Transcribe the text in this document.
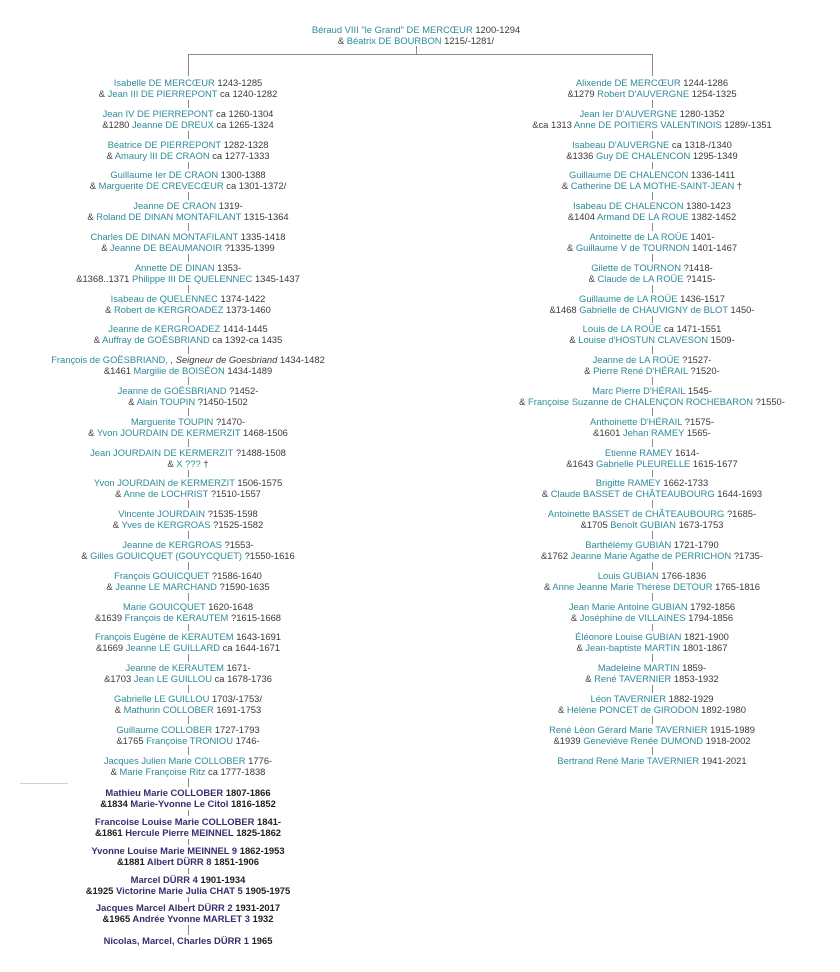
Béraud VIII "le Grand" DE MERCŒUR 1200-1294
& Béatrix DE BOURBON 1215/-1281/
Isabelle DE MERCŒUR 1243-1285
& Jean III DE PIERREPONT ca 1240-1282
Jean IV DE PIERREPONT ca 1260-1304
&1280 Jeanne DE DREUX ca 1265-1324
Béatrice DE PIERREPONT 1282-1328
& Amaury III DE CRAON ca 1277-1333
Guillaume Ier DE CRAON 1300-1388
& Marguerite DE CREVECŒUR ca 1301-1372/
Jeanne DE CRAON 1319-
& Roland DE DINAN MONTAFILANT 1315-1364
Charles DE DINAN MONTAFILANT 1335-1418
& Jeanne DE BEAUMANOIR ?1335-1399
Annette DE DINAN 1353-
&1368..1371 Philippe III DE QUELENNEC 1345-1437
Isabeau de QUELENNEC 1374-1422
& Robert de KERGROADEZ 1373-1460
Jeanne de KERGROADEZ 1414-1445
& Auffray de GOËSBRIAND ca 1392-ca 1435
François de GOËSBRIAND, , Seigneur de Goesbriand 1434-1482
&1461 Margilie de BOISÉON 1434-1489
Jeanne de GOËSBRIAND ?1452-
& Alain TOUPIN ?1450-1502
Marguerite TOUPIN ?1470-
& Yvon JOURDAIN DE KERMERZIT 1468-1506
Jean JOURDAIN DE KERMERZIT ?1488-1508
& X ??? †
Yvon JOURDAIN de KERMERZIT 1506-1575
& Anne de LOCHRIST ?1510-1557
Vincente JOURDAIN ?1535-1598
& Yves de KERGROAS ?1525-1582
Jeanne de KERGROAS ?1553-
& Gilles GOUICQUET (GOUYCQUET) ?1550-1616
François GOUICQUET ?1586-1640
& Jeanne LE MARCHAND ?1590-1635
Marie GOUICQUET 1620-1648
&1639 François de KERAUTEM ?1615-1668
François Eugène de KERAUTEM 1643-1691
&1669 Jeanne LE GUILLARD ca 1644-1671
Jeanne de KERAUTEM 1671-
&1703 Jean LE GUILLOU ca 1678-1736
Gabrielle LE GUILLOU 1703/-1753/
& Mathurin COLLOBER 1691-1753
Guillaume COLLOBER 1727-1793
&1765 Françoise TRONIOU 1746-
Jacques Julien Marie COLLOBER 1776-
& Marie Françoise Ritz ca 1777-1838
Mathieu Marie COLLOBER 1807-1866
&1834 Marie-Yvonne Le Citol 1816-1852
Francoise Louise Marie COLLOBER 1841-
&1861 Hercule Pierre MEINNEL 1825-1862
Yvonne Louise Marie MEINNEL 9 1862-1953
&1881 Albert DÜRR 8 1851-1906
Marcel DÜRR 4 1901-1934
&1925 Victorine Marie Julia CHAT 5 1905-1975
Jacques Marcel Albert DÜRR 2 1931-2017
&1965 Andrée Yvonne MARLET 3 1932
Nicolas, Marcel, Charles DÜRR 1 1965
Alixende DE MERCŒUR 1244-1286
&1279 Robert D'AUVERGNE 1254-1325
Jean Ier D'AUVERGNE 1280-1352
&ca 1313 Anne DE POITIERS VALENTINOIS 1289/-1351
Isabeau D'AUVERGNE ca 1318-/1340
&1336 Guy DE CHALENCON 1295-1349
Guillaume DE CHALENCON 1336-1411
& Catherine DE LA MOTHE-SAINT-JEAN †
Isabeau DE CHALENCON 1380-1423
&1404 Armand DE LA ROUE 1382-1452
Antoinette de LA ROÜE 1401-
& Guillaume V de TOURNON 1401-1467
Gilette de TOURNON ?1418-
& Claude de LA ROÜE ?1415-
Guillaume de LA ROÜE 1436-1517
&1468 Gabrielle de CHAUVIGNY de BLOT 1450-
Louis de LA ROÜE ca 1471-1551
& Louise d'HOSTUN CLAVESON 1509-
Jeanne de LA ROÜE ?1527-
& Pierre René D'HÉRAIL ?1520-
Marc Pierre D'HÉRAIL 1545-
& Françoise Suzanne de CHALENÇON ROCHEBARON ?1550-
Anthoinette D'HÉRAIL ?1575-
&1601 Jehan RAMEY 1565-
Etienne RAMEY 1614-
&1643 Gabrielle PLEURELLE 1615-1677
Brigitte RAMEY 1662-1733
& Claude BASSET de CHÂTEAUBOURG 1644-1693
Antoinette BASSET de CHÂTEAUBOURG ?1685-
&1705 Benoît GUBIAN 1673-1753
Barthélémy GUBIAN 1721-1790
&1762 Jeanne Marie Agathe de PERRICHON ?1735-
Louis GUBIAN 1766-1836
& Anne Jeanne Marie Thérèse DETOUR 1765-1816
Jean Marie Antoine GUBIAN 1792-1856
& Joséphine de VILLAINES 1794-1856
Éléonore Louise GUBIAN 1821-1900
& Jean-baptiste MARTIN 1801-1867
Madeleine MARTIN 1859-
& René TAVERNIER 1853-1932
Léon TAVERNIER 1882-1929
& Hélène PONCET de GIRODON 1892-1980
René Léon Gérard Marie TAVERNIER 1915-1989
&1939 Geneviève Renée DUMOND 1918-2002
Bertrand René Marie TAVERNIER 1941-2021
